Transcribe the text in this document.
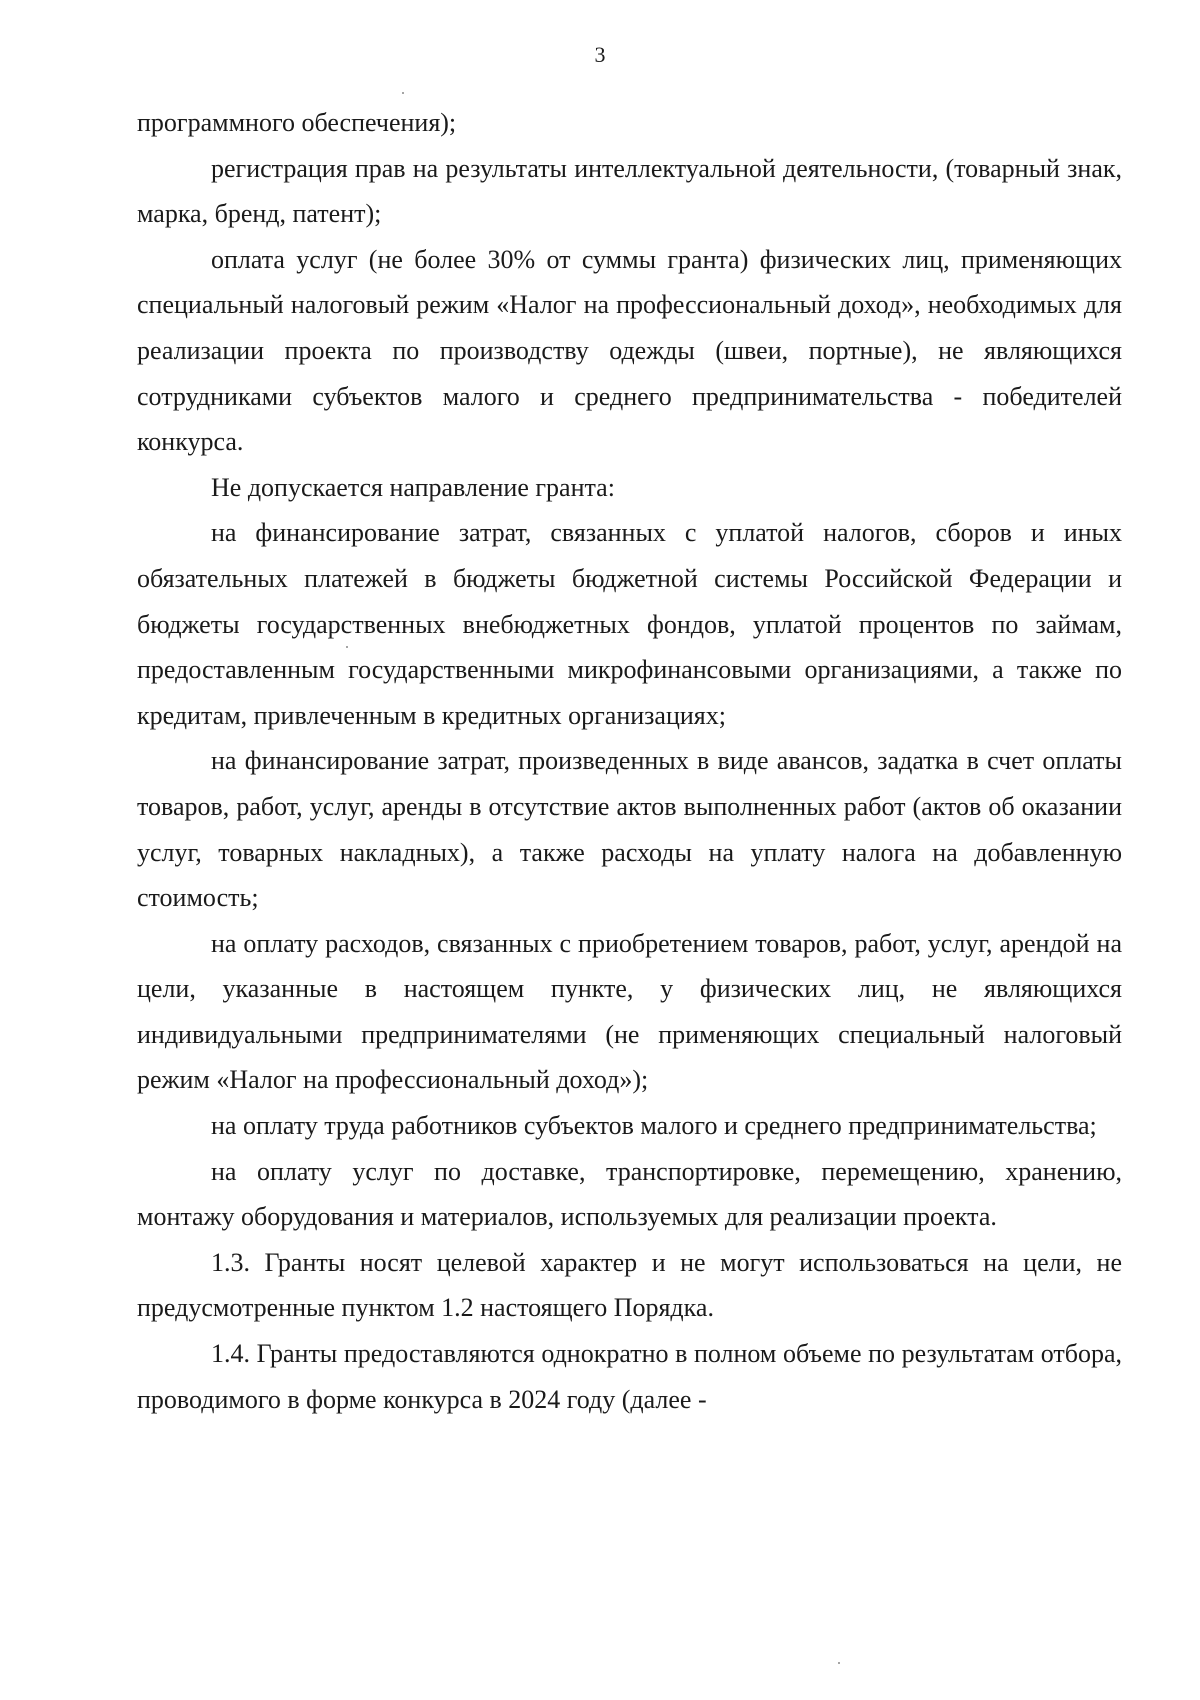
3

программного обеспечения);

регистрация прав на результаты интеллектуальной деятельности, (товарный знак, марка, бренд, патент);

оплата услуг (не более 30% от суммы гранта) физических лиц, применяющих специальный налоговый режим «Налог на профессиональный доход», необходимых для реализации проекта по производству одежды (швеи, портные), не являющихся сотрудниками субъектов малого и среднего предпринимательства - победителей конкурса.

Не допускается направление гранта:

на финансирование затрат, связанных с уплатой налогов, сборов и иных обязательных платежей в бюджеты бюджетной системы Российской Федерации и бюджеты государственных внебюджетных фондов, уплатой процентов по займам, предоставленным государственными микрофинансовыми организациями, а также по кредитам, привлеченным в кредитных организациях;

на финансирование затрат, произведенных в виде авансов, задатка в счет оплаты товаров, работ, услуг, аренды в отсутствие актов выполненных работ (актов об оказании услуг, товарных накладных), а также расходы на уплату налога на добавленную стоимость;

на оплату расходов, связанных с приобретением товаров, работ, услуг, арендой на цели, указанные в настоящем пункте, у физических лиц, не являющихся индивидуальными предпринимателями (не применяющих специальный налоговый режим «Налог на профессиональный доход»);

на оплату труда работников субъектов малого и среднего предпринимательства;

на оплату услуг по доставке, транспортировке, перемещению, хранению, монтажу оборудования и материалов, используемых для реализации проекта.

1.3. Гранты носят целевой характер и не могут использоваться на цели, не предусмотренные пунктом 1.2 настоящего Порядка.

1.4. Гранты предоставляются однократно в полном объеме по результатам отбора, проводимого в форме конкурса в 2024 году (далее -
